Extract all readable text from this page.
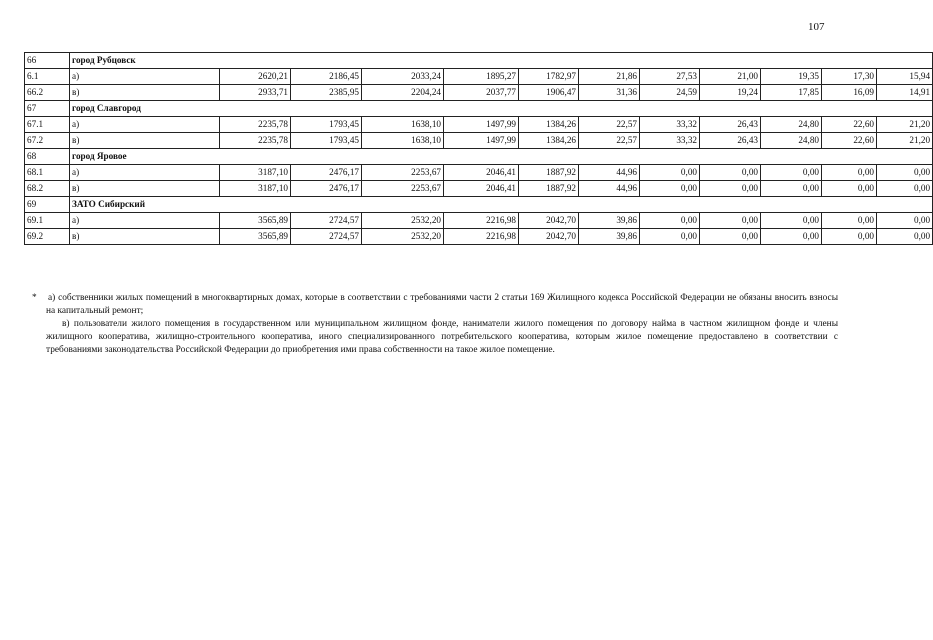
107
66	город Рубцовск											
6.1	а)	2620,21	2186,45	2033,24	1895,27	1782,97	21,86	27,53	21,00	19,35	17,30	15,94
66.2	в)	2933,71	2385,95	2204,24	2037,77	1906,47	31,36	24,59	19,24	17,85	16,09	14,91
67	город Славгород											
67.1	а)	2235,78	1793,45	1638,10	1497,99	1384,26	22,57	33,32	26,43	24,80	22,60	21,20
67.2	в)	2235,78	1793,45	1638,10	1497,99	1384,26	22,57	33,32	26,43	24,80	22,60	21,20
68	город Яровое											
68.1	а)	3187,10	2476,17	2253,67	2046,41	1887,92	44,96	0,00	0,00	0,00	0,00	0,00
68.2	в)	3187,10	2476,17	2253,67	2046,41	1887,92	44,96	0,00	0,00	0,00	0,00	0,00
69	ЗАТО Сибирский											
69.1	а)	3565,89	2724,57	2532,20	2216,98	2042,70	39,86	0,00	0,00	0,00	0,00	0,00
69.2	в)	3565,89	2724,57	2532,20	2216,98	2042,70	39,86	0,00	0,00	0,00	0,00	0,00
* а) собственники жилых помещений в многоквартирных домах, которые в соответствии с требованиями части 2 статьи 169 Жилищного кодекса Российской Федерации не обязаны вносить взносы на капитальный ремонт;

в) пользователи жилого помещения в государственном или муниципальном жилищном фонде, наниматели жилого помещения по договору найма в частном жилищном фонде и члены жилищного кооператива, жилищно-строительного кооператива, иного специализированного потребительского кооператива, которым жилое помещение предоставлено в соответствии с требованиями законодательства Российской Федерации до приобретения ими права собственности на такое жилое помещение.
